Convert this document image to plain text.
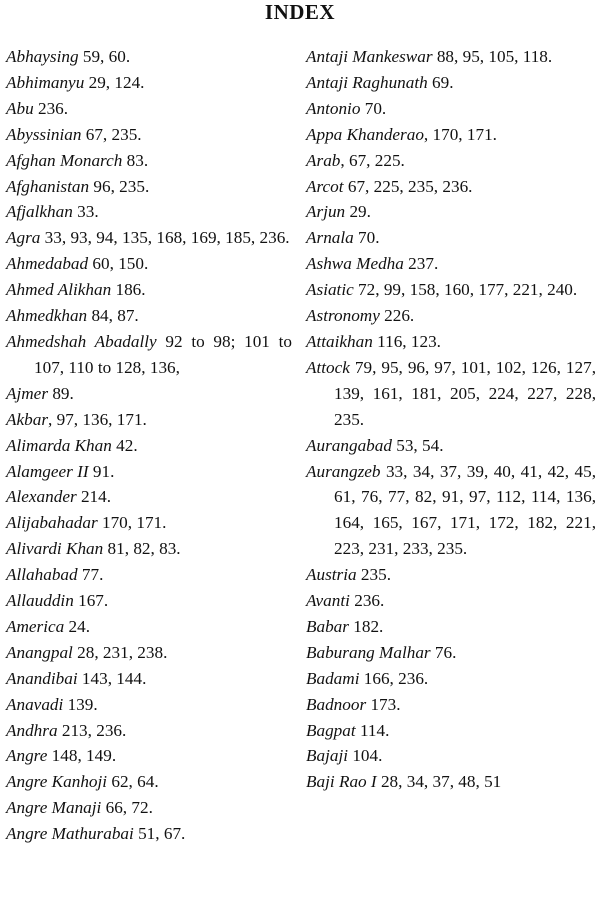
INDEX
Abhaysing 59, 60.
Abhimanyu 29, 124.
Abu 236.
Abyssinian 67, 235.
Afghan Monarch 83.
Afghanistan 96, 235.
Afjalkhan 33.
Agra 33, 93, 94, 135, 168, 169, 185, 236.
Ahmedabad 60, 150.
Ahmed Alikhan 186.
Ahmedkhan 84, 87.
Ahmedshah Abadally 92 to 98; 101 to 107, 110 to 128, 136,
Ajmer 89.
Akbar, 97, 136, 171.
Alimarda Khan 42.
Alamgeer II 91.
Alexander 214.
Alijabahadar 170, 171.
Alivardi Khan 81, 82, 83.
Allahabad 77.
Allauddin 167.
America 24.
Anangpal 28, 231, 238.
Anandibai 143, 144.
Anavadi 139.
Andhra 213, 236.
Angre 148, 149.
Angre Kanhoji 62, 64.
Angre Manaji 66, 72.
Angre Mathurabai 51, 67.
Antaji Mankeswar 88, 95, 105, 118.
Antaji Raghunath 69.
Antonio 70.
Appa Khanderao, 170, 171.
Arab, 67, 225.
Arcot 67, 225, 235, 236.
Arjun 29.
Arnala 70.
Ashwa Medha 237.
Asiatic 72, 99, 158, 160, 177, 221, 240.
Astronomy 226.
Attaikhan 116, 123.
Attock 79, 95, 96, 97, 101, 102, 126, 127, 139, 161, 181, 205, 224, 227, 228, 235.
Aurangabad 53, 54.
Aurangzeb 33, 34, 37, 39, 40, 41, 42, 45, 61, 76, 77, 82, 91, 97, 112, 114, 136, 164, 165, 167, 171, 172, 182, 221, 223, 231, 233, 235.
Austria 235.
Avanti 236.
Babar 182.
Baburang Malhar 76.
Badami 166, 236.
Badnoor 173.
Bagpat 114.
Bajaji 104.
Baji Rao I 28, 34, 37, 48, 51
